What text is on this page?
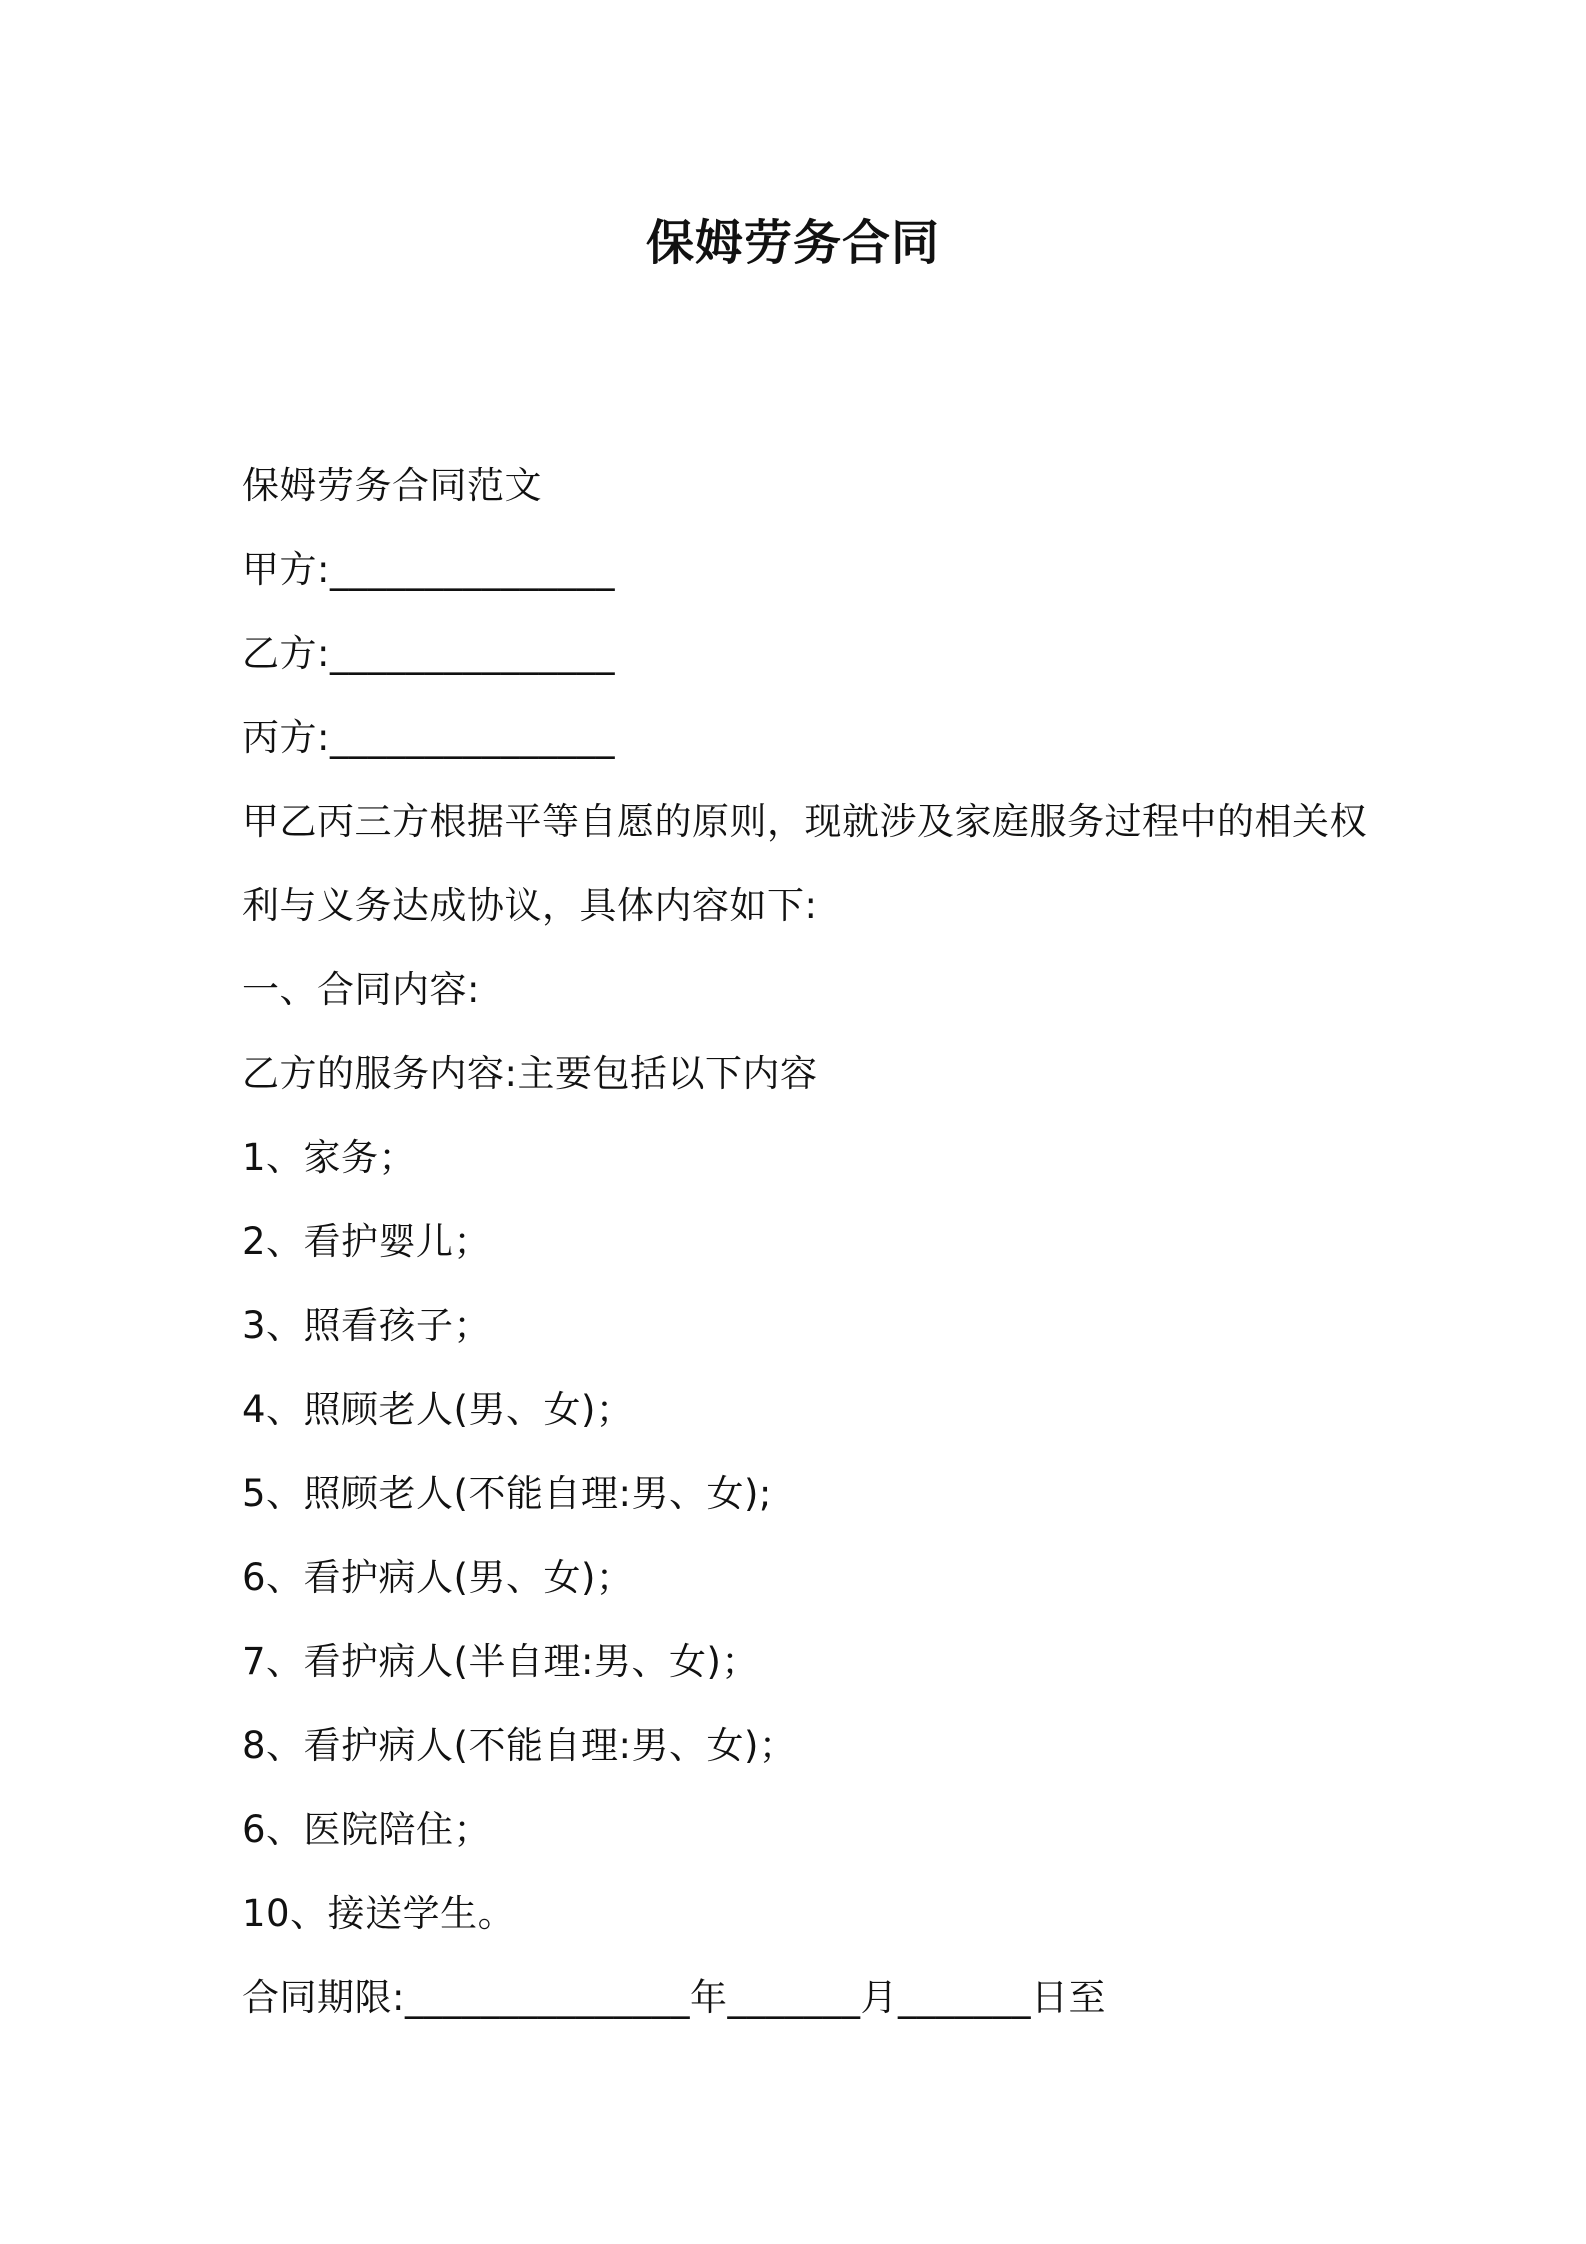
保姆劳务合同
保姆劳务合同范文
甲方:_______________
乙方:_______________
丙方:_______________
甲乙丙三方根据平等自愿的原则，现就涉及家庭服务过程中的相关权
利与义务达成协议，具体内容如下:
一、合同内容:
乙方的服务内容:主要包括以下内容
1、家务；
2、看护婴儿；
3、照看孩子；
4、照顾老人(男、女)；
5、照顾老人(不能自理:男、女);
6、看护病人(男、女)；
7、看护病人(半自理:男、女)；
8、看护病人(不能自理:男、女)；
6、医院陪住；
10、接送学生。
合同期限:_______________年_______月_______日至
